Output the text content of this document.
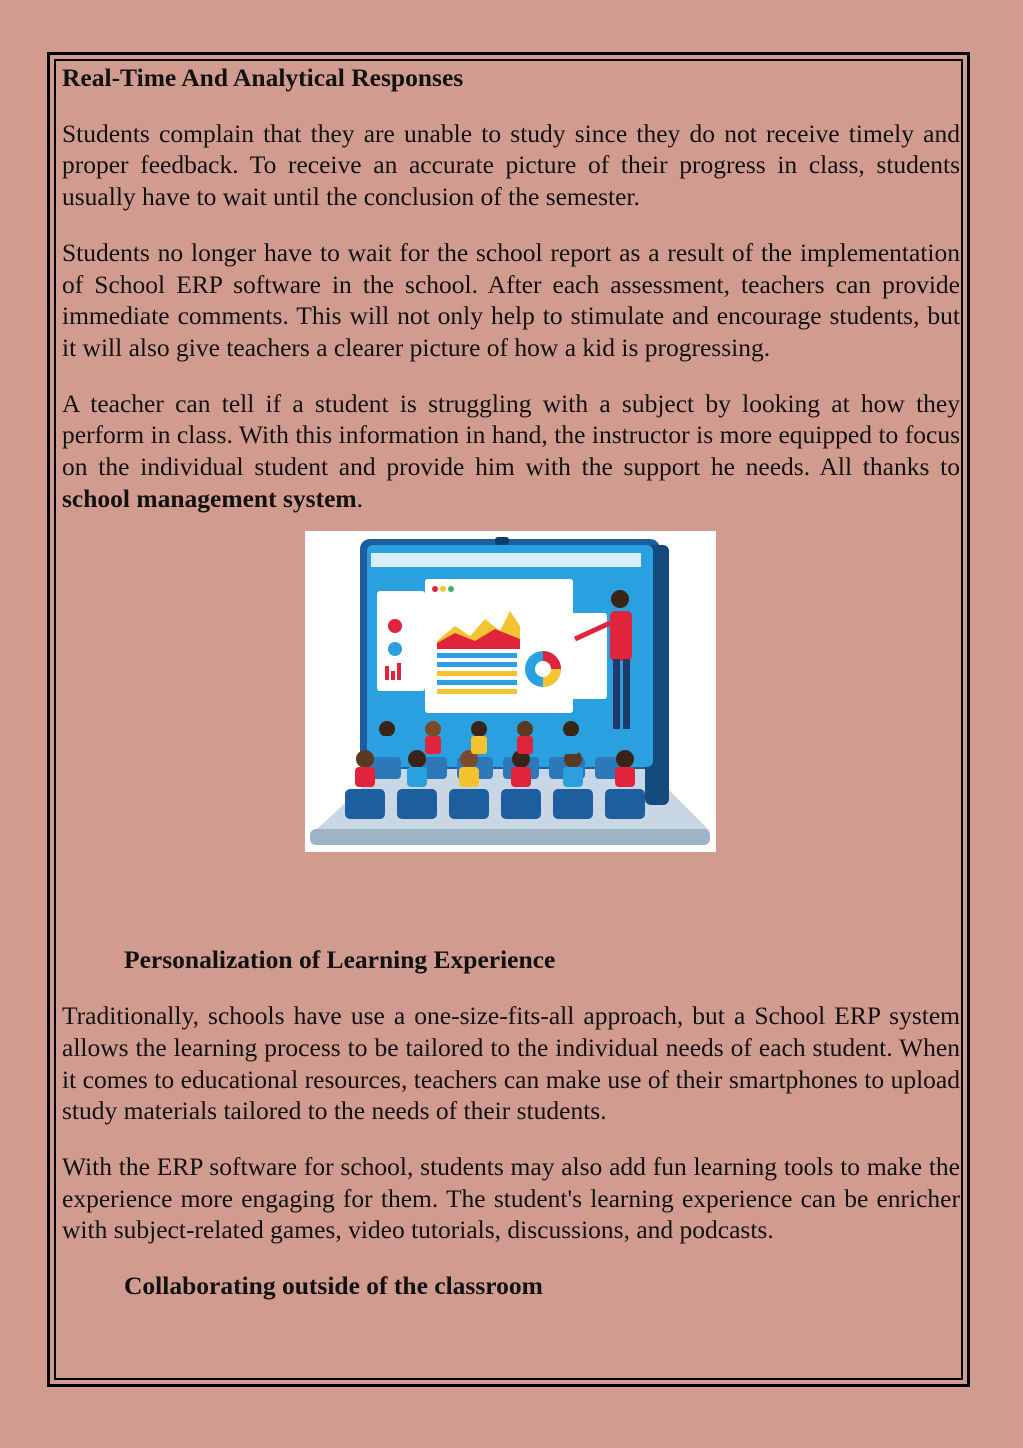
Real-Time And Analytical Responses

Students complain that they are unable to study since they do not receive timely and proper feedback. To receive an accurate picture of their progress in class, students usually have to wait until the conclusion of the semester.

Students no longer have to wait for the school report as a result of the implementation of School ERP software in the school. After each assessment, teachers can provide immediate comments. This will not only help to stimulate and encourage students, but it will also give teachers a clearer picture of how a kid is progressing.

A teacher can tell if a student is struggling with a subject by looking at how they perform in class. With this information in hand, the instructor is more equipped to focus on the individual student and provide him with the support he needs. All thanks to school management system.

Personalization of Learning Experience

Traditionally, schools have use a one-size-fits-all approach, but a School ERP system allows the learning process to be tailored to the individual needs of each student. When it comes to educational resources, teachers can make use of their smartphones to upload study materials tailored to the needs of their students.

With the ERP software for school, students may also add fun learning tools to make the experience more engaging for them. The student's learning experience can be enricher with subject-related games, video tutorials, discussions, and podcasts.

Collaborating outside of the classroom
